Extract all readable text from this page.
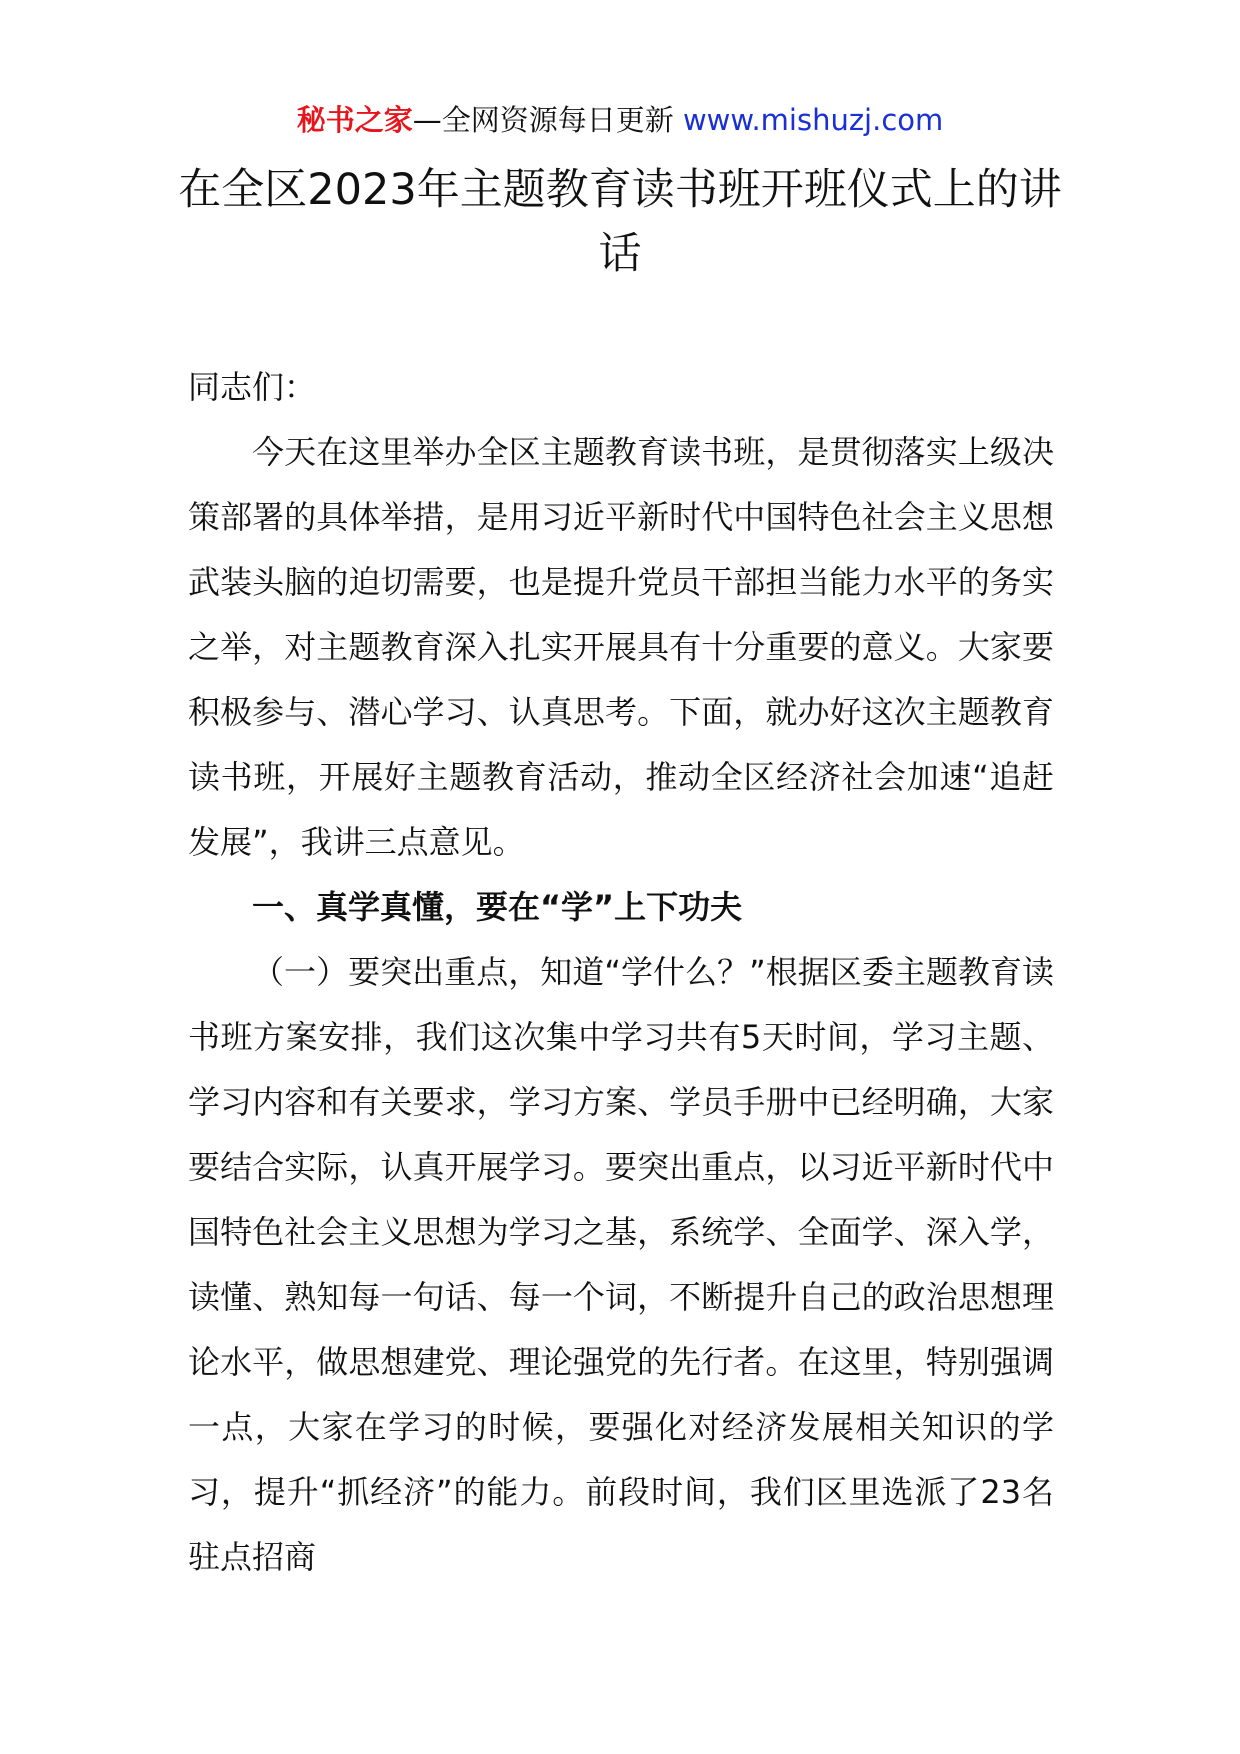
秘书之家—全网资源每日更新 www.mishuzj.com
在全区2023年主题教育读书班开班仪式上的讲话

同志们：

今天在这里举办全区主题教育读书班，是贯彻落实上级决策部署的具体举措，是用习近平新时代中国特色社会主义思想武装头脑的迫切需要，也是提升党员干部担当能力水平的务实之举，对主题教育深入扎实开展具有十分重要的意义。大家要积极参与、潜心学习、认真思考。下面，就办好这次主题教育读书班，开展好主题教育活动，推动全区经济社会加速“追赶发展”，我讲三点意见。

一、真学真懂，要在“学”上下功夫

（一）要突出重点，知道“学什么？”根据区委主题教育读书班方案安排，我们这次集中学习共有5天时间，学习主题、学习内容和有关要求，学习方案、学员手册中已经明确，大家要结合实际，认真开展学习。要突出重点，以习近平新时代中国特色社会主义思想为学习之基，系统学、全面学、深入学，读懂、熟知每一句话、每一个词，不断提升自己的政治思想理论水平，做思想建党、理论强党的先行者。在这里，特别强调一点，大家在学习的时候，要强化对经济发展相关知识的学习，提升“抓经济”的能力。前段时间，我们区里选派了23名驻点招商
